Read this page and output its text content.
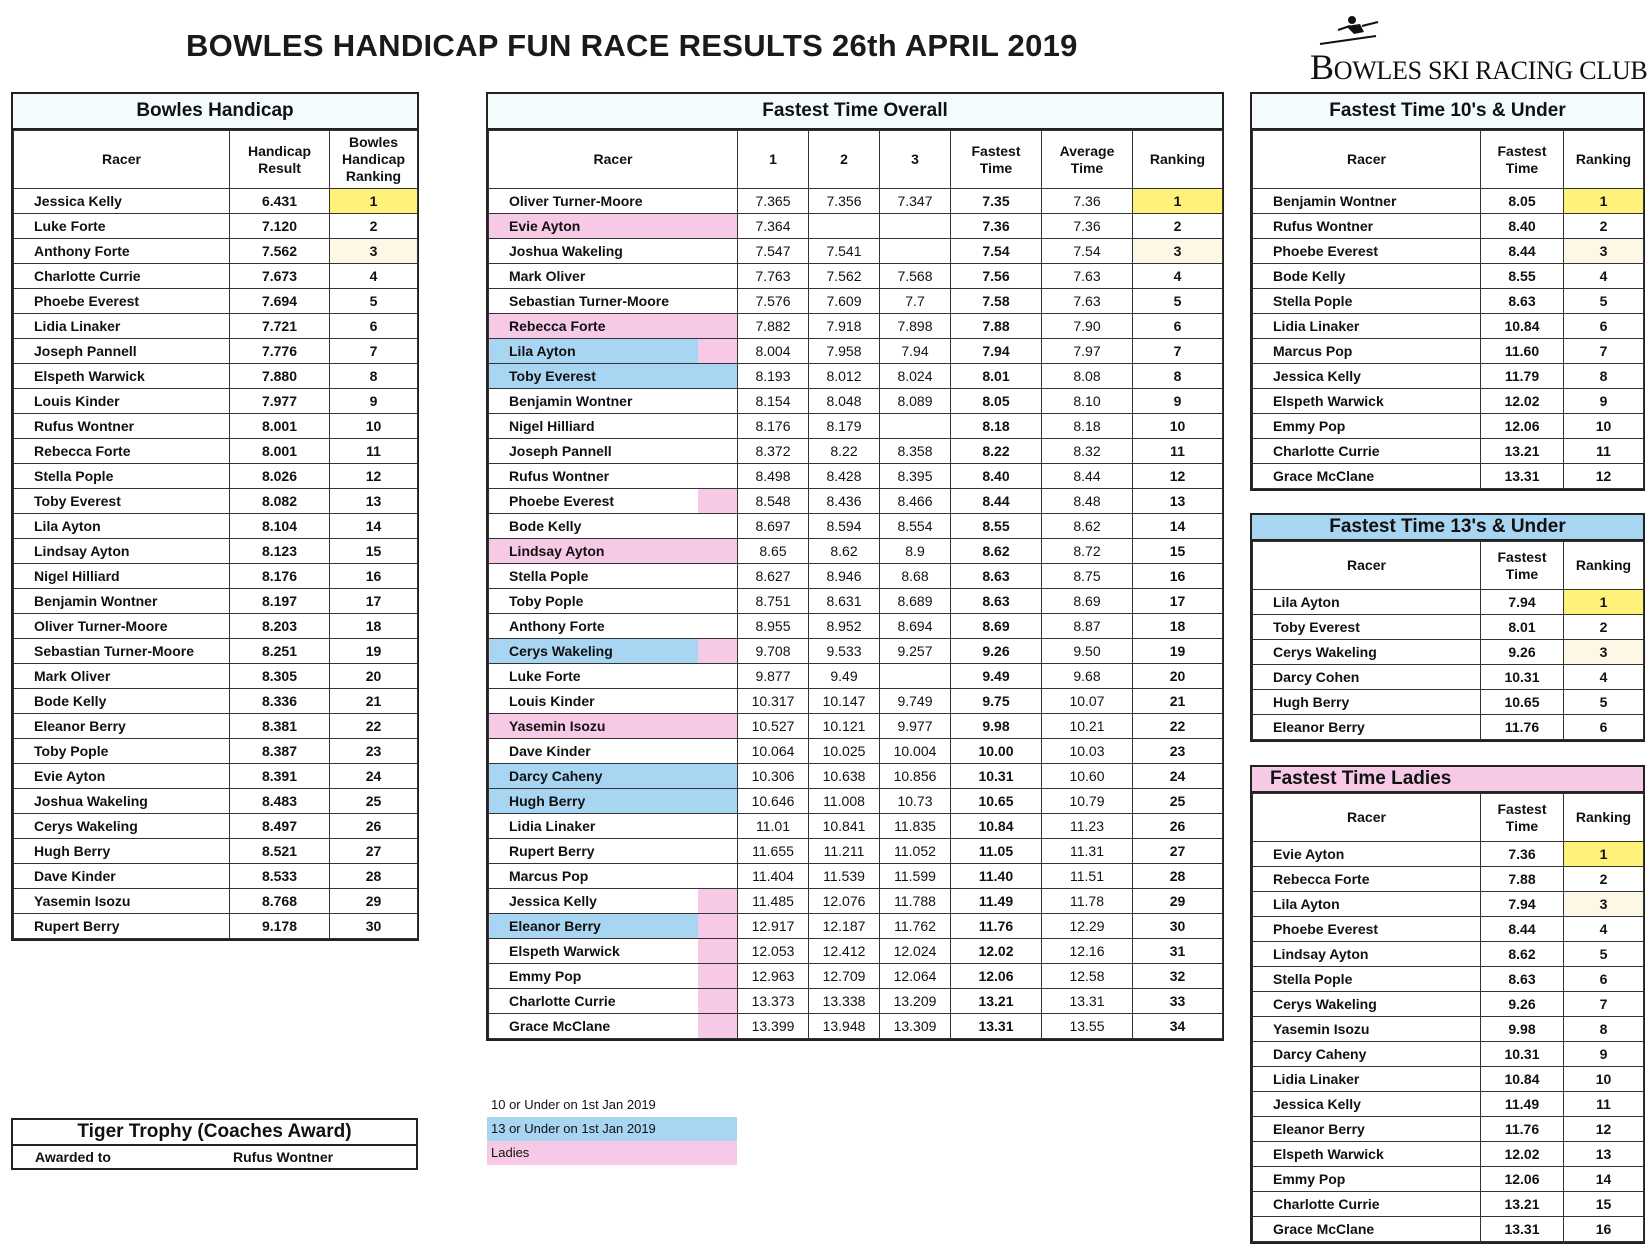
BOWLES HANDICAP FUN RACE RESULTS 26th APRIL 2019
BOWLES SKI RACING CLUB
Bowles Handicap
Racer	Handicap Result	Bowles Handicap Ranking
Jessica Kelly	6.431	1
Luke Forte	7.120	2
Anthony Forte	7.562	3
Charlotte Currie	7.673	4
Phoebe Everest	7.694	5
Lidia Linaker	7.721	6
Joseph Pannell	7.776	7
Elspeth Warwick	7.880	8
Louis Kinder	7.977	9
Rufus Wontner	8.001	10
Rebecca Forte	8.001	11
Stella Pople	8.026	12
Toby Everest	8.082	13
Lila Ayton	8.104	14
Lindsay Ayton	8.123	15
Nigel Hilliard	8.176	16
Benjamin Wontner	8.197	17
Oliver Turner-Moore	8.203	18
Sebastian Turner-Moore	8.251	19
Mark Oliver	8.305	20
Bode Kelly	8.336	21
Eleanor Berry	8.381	22
Toby Pople	8.387	23
Evie Ayton	8.391	24
Joshua Wakeling	8.483	25
Cerys Wakeling	8.497	26
Hugh Berry	8.521	27
Dave Kinder	8.533	28
Yasemin Isozu	8.768	29
Rupert Berry	9.178	30
Fastest Time Overall
Racer	1	2	3	Fastest Time	Average Time	Ranking
Oliver Turner-Moore	7.365	7.356	7.347	7.35	7.36	1
Evie Ayton	7.364			7.36	7.36	2
Joshua Wakeling	7.547	7.541		7.54	7.54	3
Mark Oliver	7.763	7.562	7.568	7.56	7.63	4
Sebastian Turner-Moore	7.576	7.609	7.7	7.58	7.63	5
Rebecca Forte	7.882	7.918	7.898	7.88	7.90	6
Lila Ayton	8.004	7.958	7.94	7.94	7.97	7
Toby Everest	8.193	8.012	8.024	8.01	8.08	8
Benjamin Wontner	8.154	8.048	8.089	8.05	8.10	9
Nigel Hilliard	8.176	8.179		8.18	8.18	10
Joseph Pannell	8.372	8.22	8.358	8.22	8.32	11
Rufus Wontner	8.498	8.428	8.395	8.40	8.44	12
Phoebe Everest	8.548	8.436	8.466	8.44	8.48	13
Bode Kelly	8.697	8.594	8.554	8.55	8.62	14
Lindsay Ayton	8.65	8.62	8.9	8.62	8.72	15
Stella Pople	8.627	8.946	8.68	8.63	8.75	16
Toby Pople	8.751	8.631	8.689	8.63	8.69	17
Anthony Forte	8.955	8.952	8.694	8.69	8.87	18
Cerys Wakeling	9.708	9.533	9.257	9.26	9.50	19
Luke Forte	9.877	9.49		9.49	9.68	20
Louis Kinder	10.317	10.147	9.749	9.75	10.07	21
Yasemin Isozu	10.527	10.121	9.977	9.98	10.21	22
Dave Kinder	10.064	10.025	10.004	10.00	10.03	23
Darcy Caheny	10.306	10.638	10.856	10.31	10.60	24
Hugh Berry	10.646	11.008	10.73	10.65	10.79	25
Lidia Linaker	11.01	10.841	11.835	10.84	11.23	26
Rupert Berry	11.655	11.211	11.052	11.05	11.31	27
Marcus Pop	11.404	11.539	11.599	11.40	11.51	28
Jessica Kelly	11.485	12.076	11.788	11.49	11.78	29
Eleanor Berry	12.917	12.187	11.762	11.76	12.29	30
Elspeth Warwick	12.053	12.412	12.024	12.02	12.16	31
Emmy Pop	12.963	12.709	12.064	12.06	12.58	32
Charlotte Currie	13.373	13.338	13.209	13.21	13.31	33
Grace McClane	13.399	13.948	13.309	13.31	13.55	34
Fastest Time 10's & Under
Racer	Fastest Time	Ranking
Benjamin Wontner	8.05	1
Rufus Wontner	8.40	2
Phoebe Everest	8.44	3
Bode Kelly	8.55	4
Stella Pople	8.63	5
Lidia Linaker	10.84	6
Marcus Pop	11.60	7
Jessica Kelly	11.79	8
Elspeth Warwick	12.02	9
Emmy Pop	12.06	10
Charlotte Currie	13.21	11
Grace McClane	13.31	12
Fastest Time 13's & Under
Racer	Fastest Time	Ranking
Lila Ayton	7.94	1
Toby Everest	8.01	2
Cerys Wakeling	9.26	3
Darcy Cohen	10.31	4
Hugh Berry	10.65	5
Eleanor Berry	11.76	6
Fastest Time Ladies
Racer	Fastest Time	Ranking
Evie Ayton	7.36	1
Rebecca Forte	7.88	2
Lila Ayton	7.94	3
Phoebe Everest	8.44	4
Lindsay Ayton	8.62	5
Stella Pople	8.63	6
Cerys Wakeling	9.26	7
Yasemin Isozu	9.98	8
Darcy Caheny	10.31	9
Lidia Linaker	10.84	10
Jessica Kelly	11.49	11
Eleanor Berry	11.76	12
Elspeth Warwick	12.02	13
Emmy Pop	12.06	14
Charlotte Currie	13.21	15
Grace McClane	13.31	16
10 or Under on 1st Jan 2019
13 or Under on 1st Jan 2019
Ladies
Tiger Trophy (Coaches Award)
Awarded to	Rufus Wontner
